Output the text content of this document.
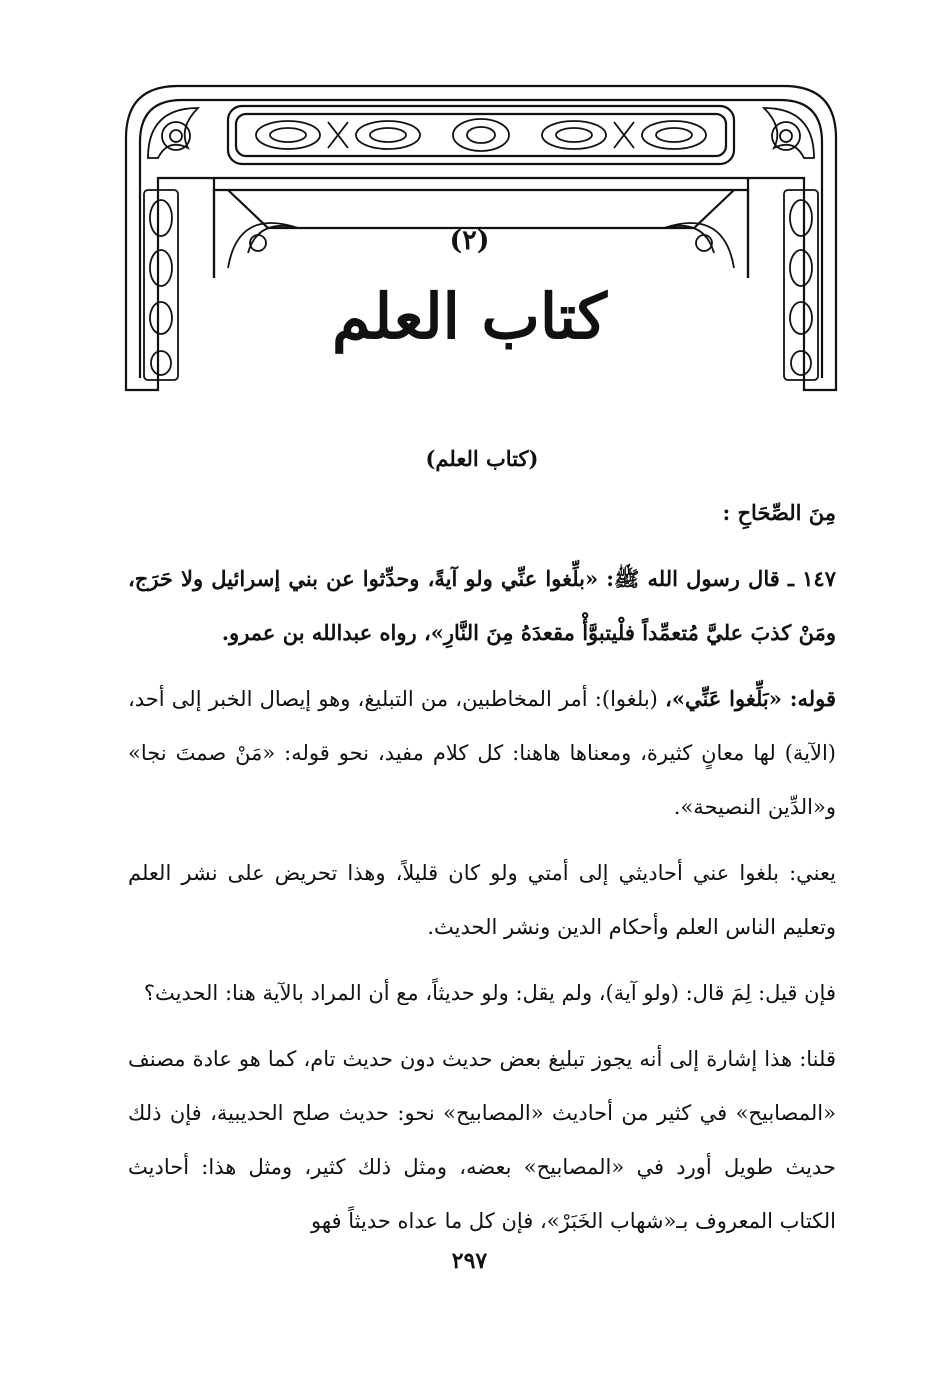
(٢)
كتاب العلم

(كتاب العلم)

مِنَ الصِّحَاحِ :

١٤٧ ـ قال رسول الله ﷺ: «بلِّغوا عنِّي ولو آيةً، وحدِّثوا عن بني إسرائيل ولا حَرَج، ومَنْ كذبَ عليَّ مُتعمِّداً فلْيتبوَّأْ مقعدَهُ مِنَ النَّارِ»، رواه عبدالله بن عمرو.

قوله: «بَلِّغوا عَنِّي»، (بلغوا): أمر المخاطبين، من التبليغ، وهو إيصال الخبر إلى أحد، (الآية) لها معانٍ كثيرة، ومعناها هاهنا: كل كلام مفيد، نحو قوله: «مَنْ صمتَ نجا» و«الدِّين النصيحة».

يعني: بلغوا عني أحاديثي إلى أمتي ولو كان قليلاً، وهذا تحريض على نشر العلم وتعليم الناس العلم وأحكام الدين ونشر الحديث.

فإن قيل: لِمَ قال: (ولو آية)، ولم يقل: ولو حديثاً، مع أن المراد بالآية هنا: الحديث؟

قلنا: هذا إشارة إلى أنه يجوز تبليغ بعض حديث دون حديث تام، كما هو عادة مصنف «المصابيح» في كثير من أحاديث «المصابيح» نحو: حديث صلح الحديبية، فإن ذلك حديث طويل أورد في «المصابيح» بعضه، ومثل ذلك كثير، ومثل هذا: أحاديث الكتاب المعروف بـ«شهاب الخَبَرْ»، فإن كل ما عداه حديثاً فهو

٢٩٧
